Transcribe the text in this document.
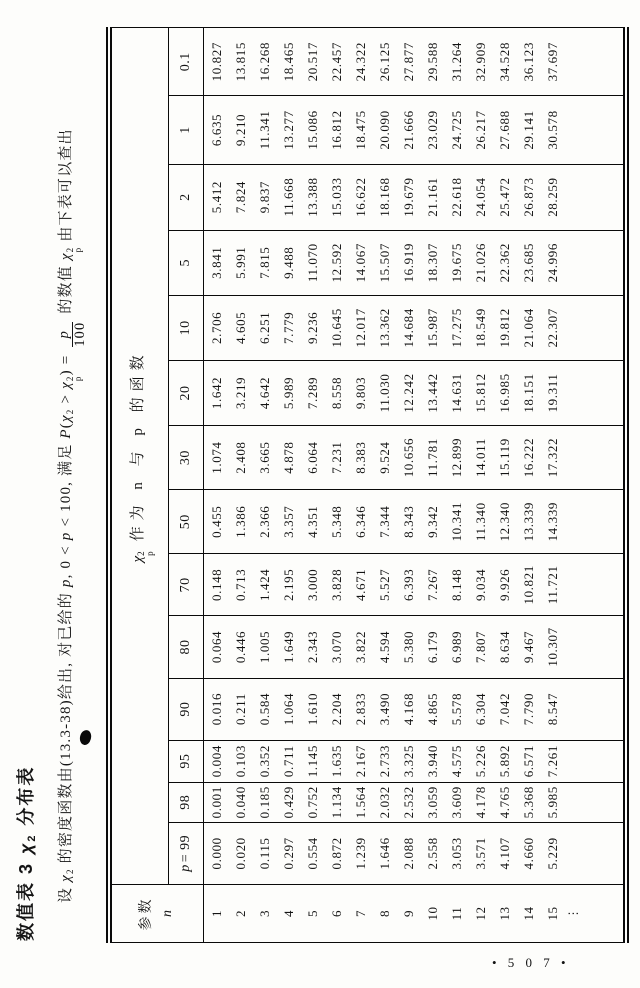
数值表 3χ
2
分布表
设 χ
2
的密度函数由(13.3-38)给出, 对已给的 p, 0 < p < 100, 满足 P(χ
2
> χ
2
p
) =
p 100
的数值 χ
2
p
由下表可以查出
参数 n	χ
2
p
作为 n 与 p 的函数													
	p= 99	98	95	90	80	70	50	30	20	10	5	2	1	0.1
1	0.000	0.001	0.004	0.016	0.064	0.148	0.455	1.074	1.642	2.706	3.841	5.412	6.635	10.827
2	0.020	0.040	0.103	0.211	0.446	0.713	1.386	2.408	3.219	4.605	5.991	7.824	9.210	13.815
3	0.115	0.185	0.352	0.584	1.005	1.424	2.366	3.665	4.642	6.251	7.815	9.837	11.341	16.268
4	0.297	0.429	0.711	1.064	1.649	2.195	3.357	4.878	5.989	7.779	9.488	11.668	13.277	18.465
5	0.554	0.752	1.145	1.610	2.343	3.000	4.351	6.064	7.289	9.236	11.070	13.388	15.086	20.517
6	0.872	1.134	1.635	2.204	3.070	3.828	5.348	7.231	8.558	10.645	12.592	15.033	16.812	22.457
7	1.239	1.564	2.167	2.833	3.822	4.671	6.346	8.383	9.803	12.017	14.067	16.622	18.475	24.322
8	1.646	2.032	2.733	3.490	4.594	5.527	7.344	9.524	11.030	13.362	15.507	18.168	20.090	26.125
9	2.088	2.532	3.325	4.168	5.380	6.393	8.343	10.656	12.242	14.684	16.919	19.679	21.666	27.877
10	2.558	3.059	3.940	4.865	6.179	7.267	9.342	11.781	13.442	15.987	18.307	21.161	23.029	29.588
11	3.053	3.609	4.575	5.578	6.989	8.148	10.341	12.899	14.631	17.275	19.675	22.618	24.725	31.264
12	3.571	4.178	5.226	6.304	7.807	9.034	11.340	14.011	15.812	18.549	21.026	24.054	26.217	32.909
13	4.107	4.765	5.892	7.042	8.634	9.926	12.340	15.119	16.985	19.812	22.362	25.472	27.688	34.528
14	4.660	5.368	6.571	7.790	9.467	10.821	13.339	16.222	18.151	21.064	23.685	26.873	29.141	36.123
15	5.229	5.985	7.261	8.547	10.307	11.721	14.339	17.322	19.311	22.307	24.996	28.259	30.578	37.697
⋮														
• 5 0 7 •
